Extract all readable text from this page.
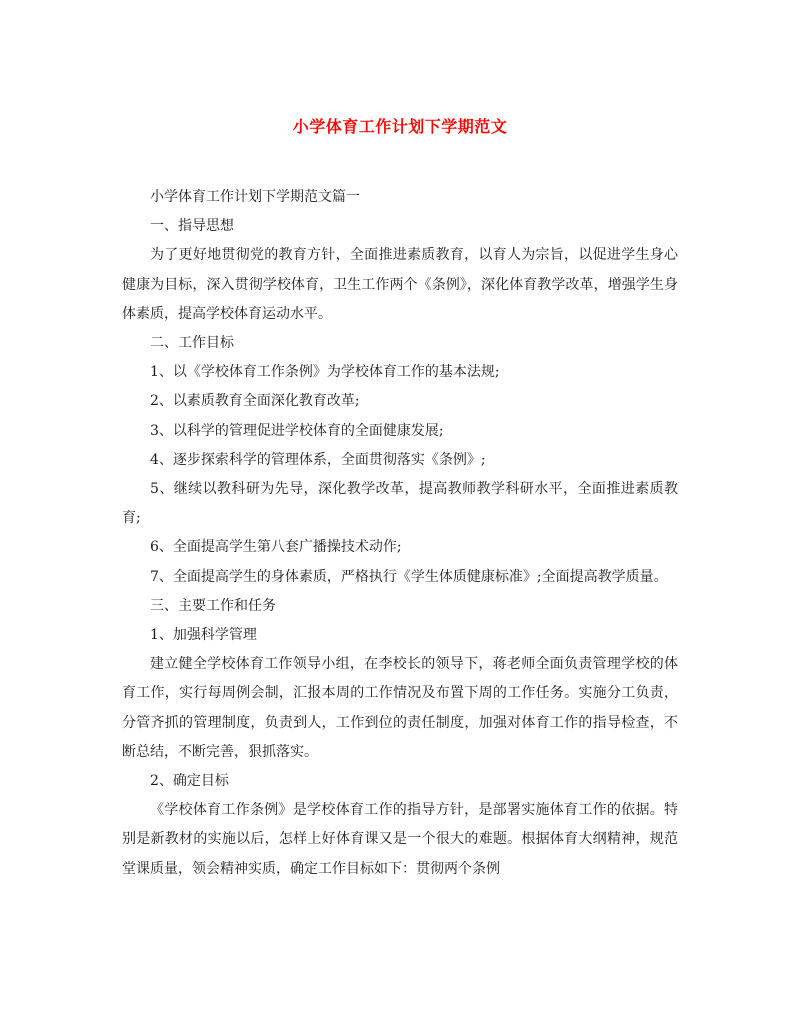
小学体育工作计划下学期范文

小学体育工作计划下学期范文篇一

一、指导思想

为了更好地贯彻党的教育方针，全面推进素质教育，以育人为宗旨，以促进学生身心健康为目标，深入贯彻学校体育，卫生工作两个《条例》，深化体育教学改革，增强学生身体素质，提高学校体育运动水平。

二、工作目标

1、以《学校体育工作条例》为学校体育工作的基本法规;

2、以素质教育全面深化教育改革;

3、以科学的管理促进学校体育的全面健康发展;

4、逐步探索科学的管理体系，全面贯彻落实《条例》;

5、继续以教科研为先导，深化教学改革，提高教师教学科研水平，全面推进素质教育;

6、全面提高学生第八套广播操技术动作;

7、全面提高学生的身体素质，严格执行《学生体质健康标准》;全面提高教学质量。

三、主要工作和任务

1、加强科学管理

建立健全学校体育工作领导小组，在李校长的领导下，蒋老师全面负责管理学校的体育工作，实行每周例会制，汇报本周的工作情况及布置下周的工作任务。实施分工负责，分管齐抓的管理制度，负责到人，工作到位的责任制度，加强对体育工作的指导检查，不断总结，不断完善，狠抓落实。

2、确定目标

《学校体育工作条例》是学校体育工作的指导方针，是部署实施体育工作的依据。特别是新教材的实施以后，怎样上好体育课又是一个很大的难题。根据体育大纲精神，规范堂课质量，领会精神实质，确定工作目标如下：贯彻两个条例
